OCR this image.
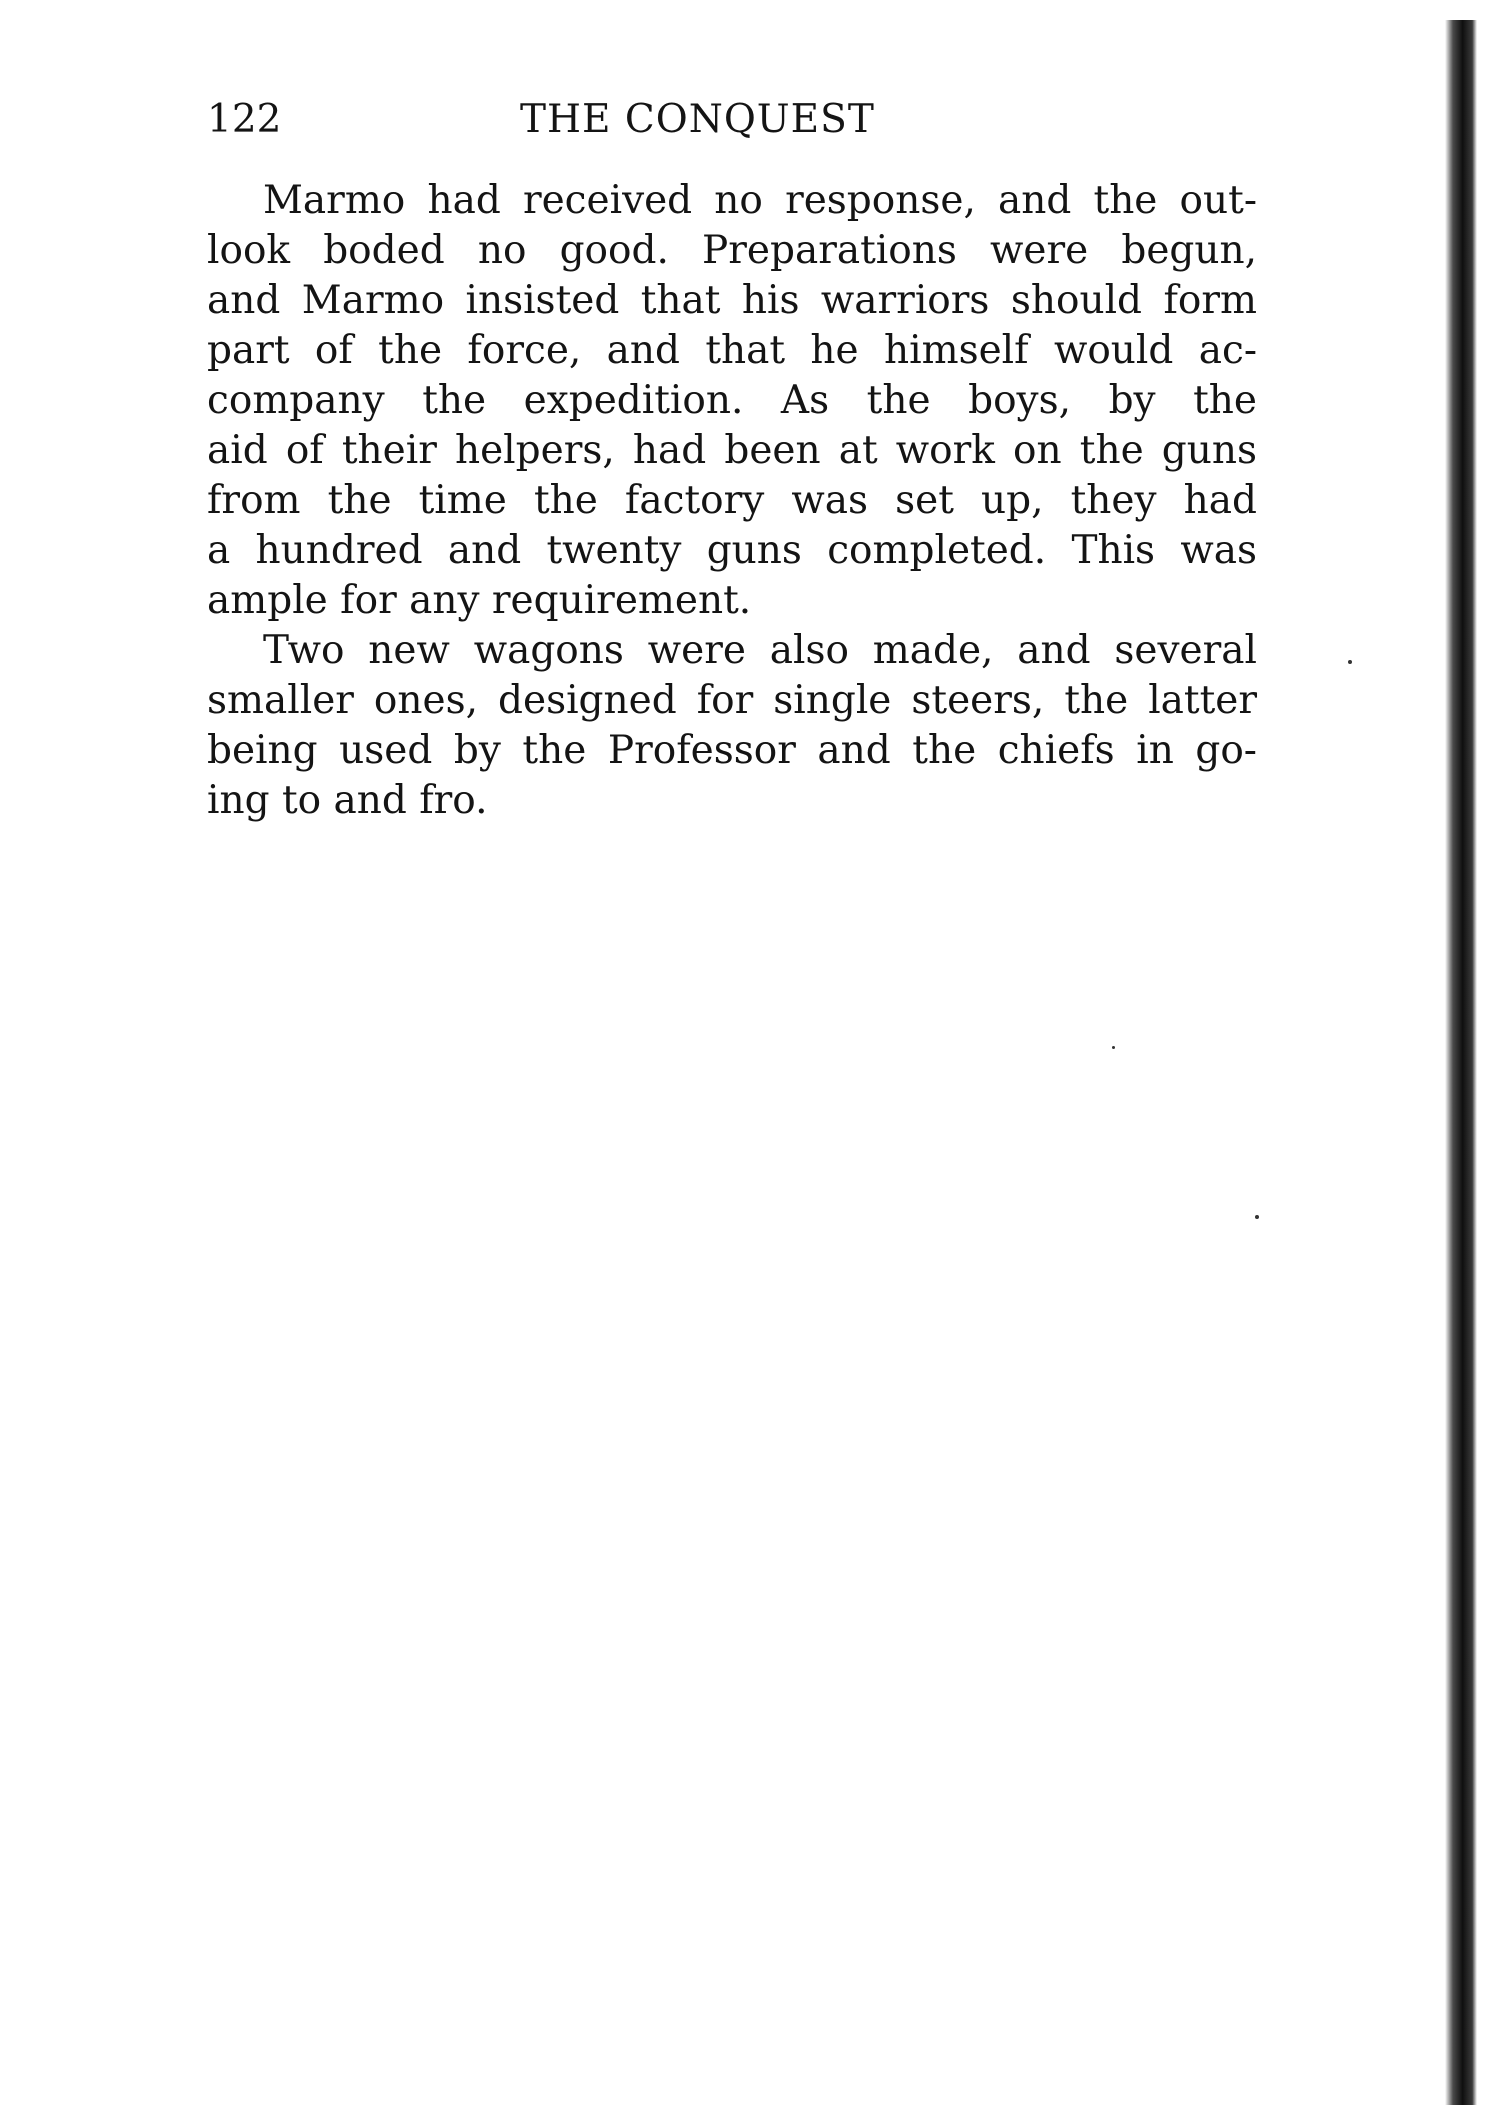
122	THE CONQUEST
Marmo had received no response, and the out-
look boded no good. Preparations were begun,
and Marmo insisted that his warriors should form
part of the force, and that he himself would ac-
company the expedition. As the boys, by the
aid of their helpers, had been at work on the guns
from the time the factory was set up, they had
a hundred and twenty guns completed. This was
ample for any requirement.
Two new wagons were also made, and several
smaller ones, designed for single steers, the latter
being used by the Professor and the chiefs in go-
ing to and fro.
